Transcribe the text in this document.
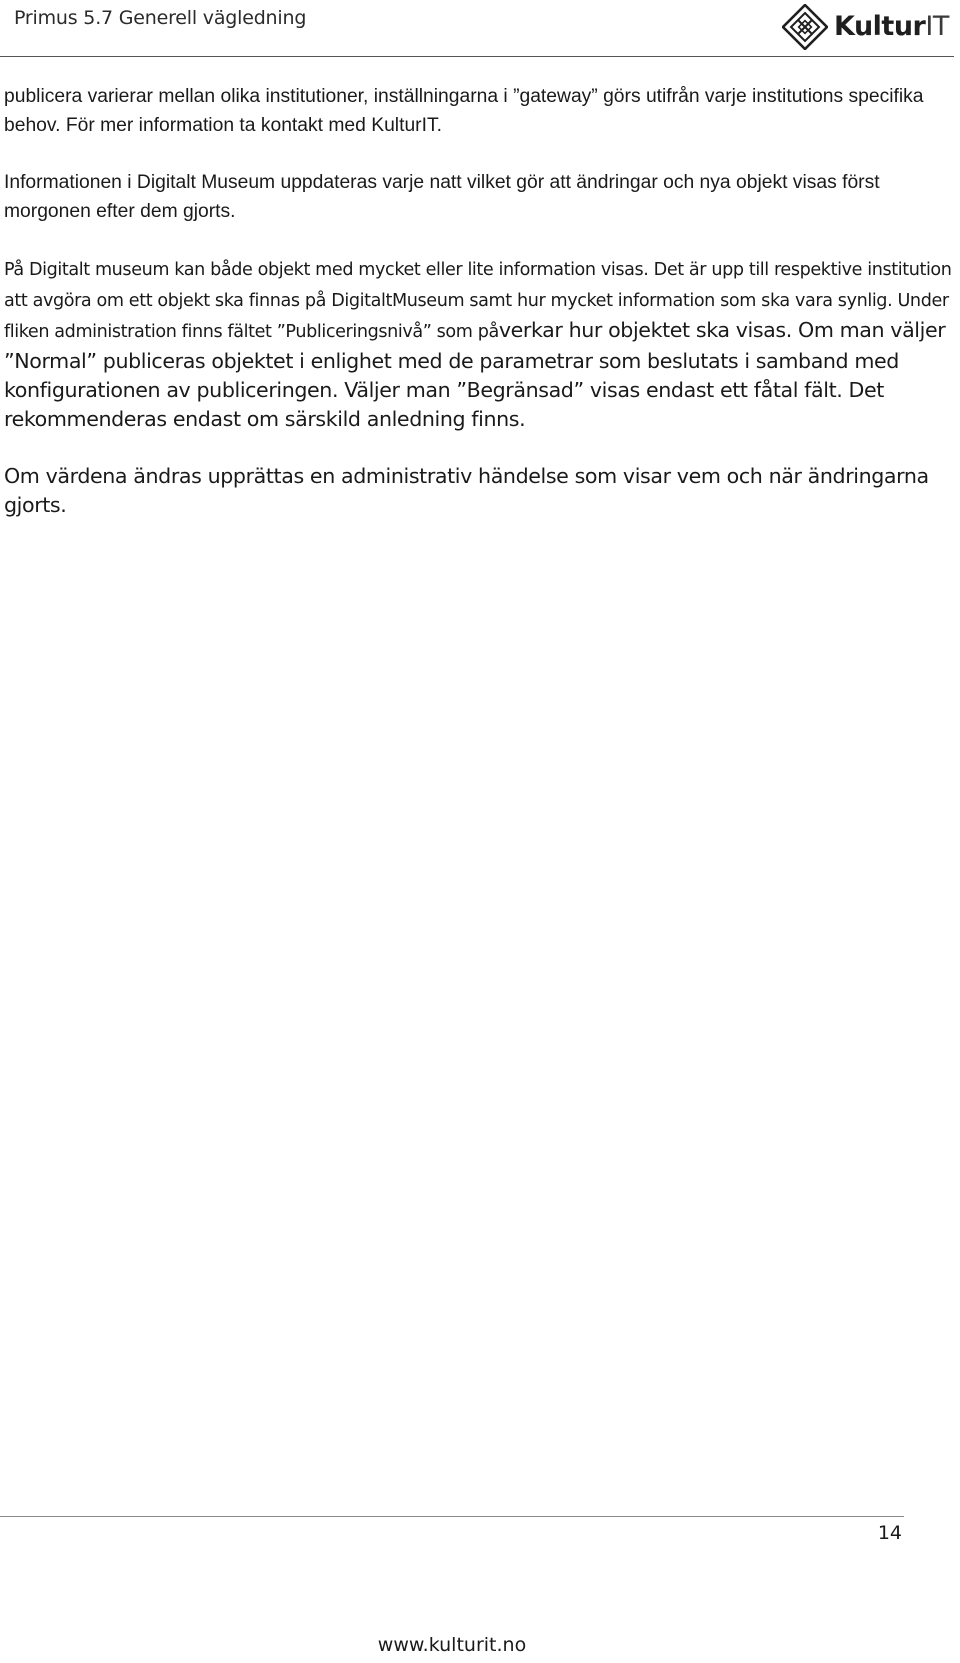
Primus 5.7 Generell vägledning	KulturIT

publicera varierar mellan olika institutioner, inställningarna i ”gateway” görs utifrån varje institutions specifika behov. För mer information ta kontakt med KulturIT.

Informationen i Digitalt Museum uppdateras varje natt vilket gör att ändringar och nya objekt visas först morgonen efter dem gjorts.

På Digitalt museum kan både objekt med mycket eller lite information visas. Det är upp till respektive institution att avgöra om ett objekt ska finnas på DigitaltMuseum samt hur mycket information som ska vara synlig. Under fliken administration finns fältet ”Publiceringsnivå” som påverkar hur objektet ska visas. Om man väljer ”Normal” publiceras objektet i enlighet med de parametrar som beslutats i samband med konfigurationen av publiceringen. Väljer man ”Begränsad” visas endast ett fåtal fält. Det rekommenderas endast om särskild anledning finns.

Om värdena ändras upprättas en administrativ händelse som visar vem och när ändringarna gjorts.

14
www.kulturit.no
